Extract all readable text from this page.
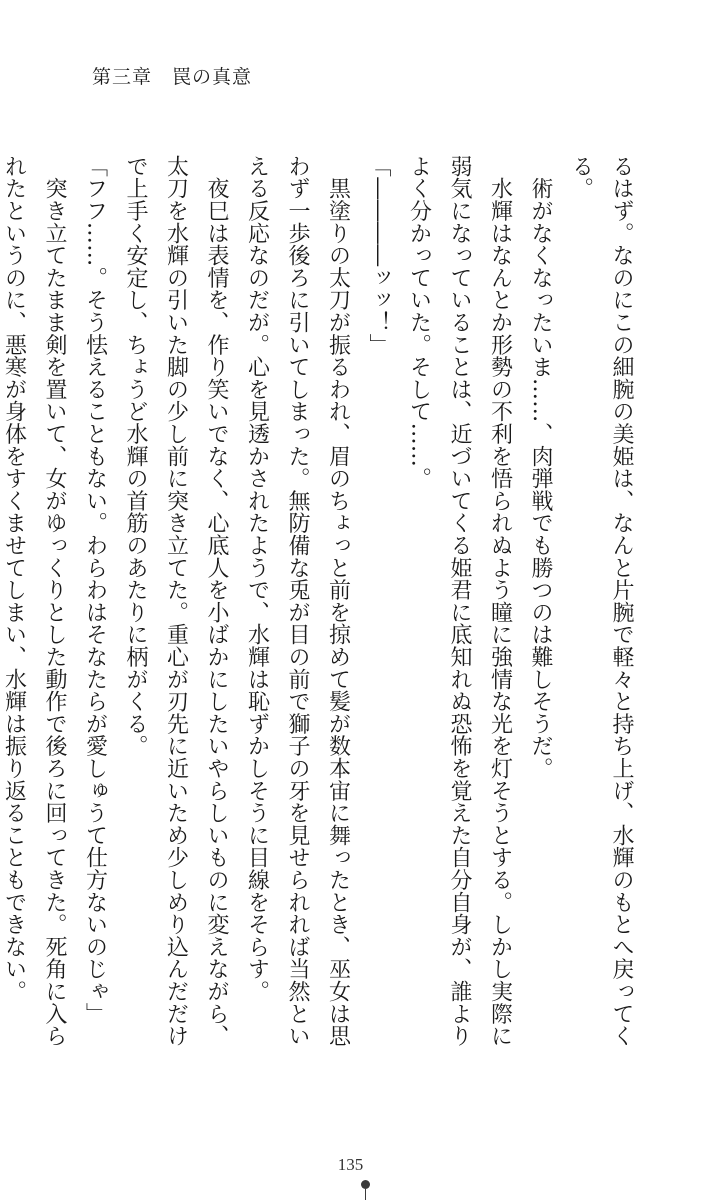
第三章　罠の真意
るはず。なのにこの細腕の美姫は、なんと片腕で軽々と持ち上げ、水輝のもとへ戻ってく
る。
　術がなくなったいま……、肉弾戦でも勝つのは難しそうだ。
　水輝はなんとか形勢の不利を悟られぬよう瞳に強情な光を灯そうとする。しかし実際に
弱気になっていることは、近づいてくる姫君に底知れぬ恐怖を覚えた自分自身が、誰より
よく分かっていた。そして……。
「――――ッッ！」
　黒塗りの太刀が振るわれ、眉のちょっと前を掠めて髪が数本宙に舞ったとき、巫女は思
わず一歩後ろに引いてしまった。無防備な兎が目の前で獅子の牙を見せられれば当然とい
える反応なのだが。心を見透かされたようで、水輝は恥ずかしそうに目線をそらす。
　夜巳は表情を、作り笑いでなく、心底人を小ばかにしたいやらしいものに変えながら、
太刀を水輝の引いた脚の少し前に突き立てた。重心が刃先に近いため少しめり込んだだけ
で上手く安定し、ちょうど水輝の首筋のあたりに柄がくる。
「フフ……。そう怯えることもない。わらわはそなたらが愛しゅうて仕方ないのじゃ」
　突き立てたまま剣を置いて、女がゆっくりとした動作で後ろに回ってきた。死角に入ら
れたというのに、悪寒が身体をすくませてしまい、水輝は振り返ることもできない。
135
